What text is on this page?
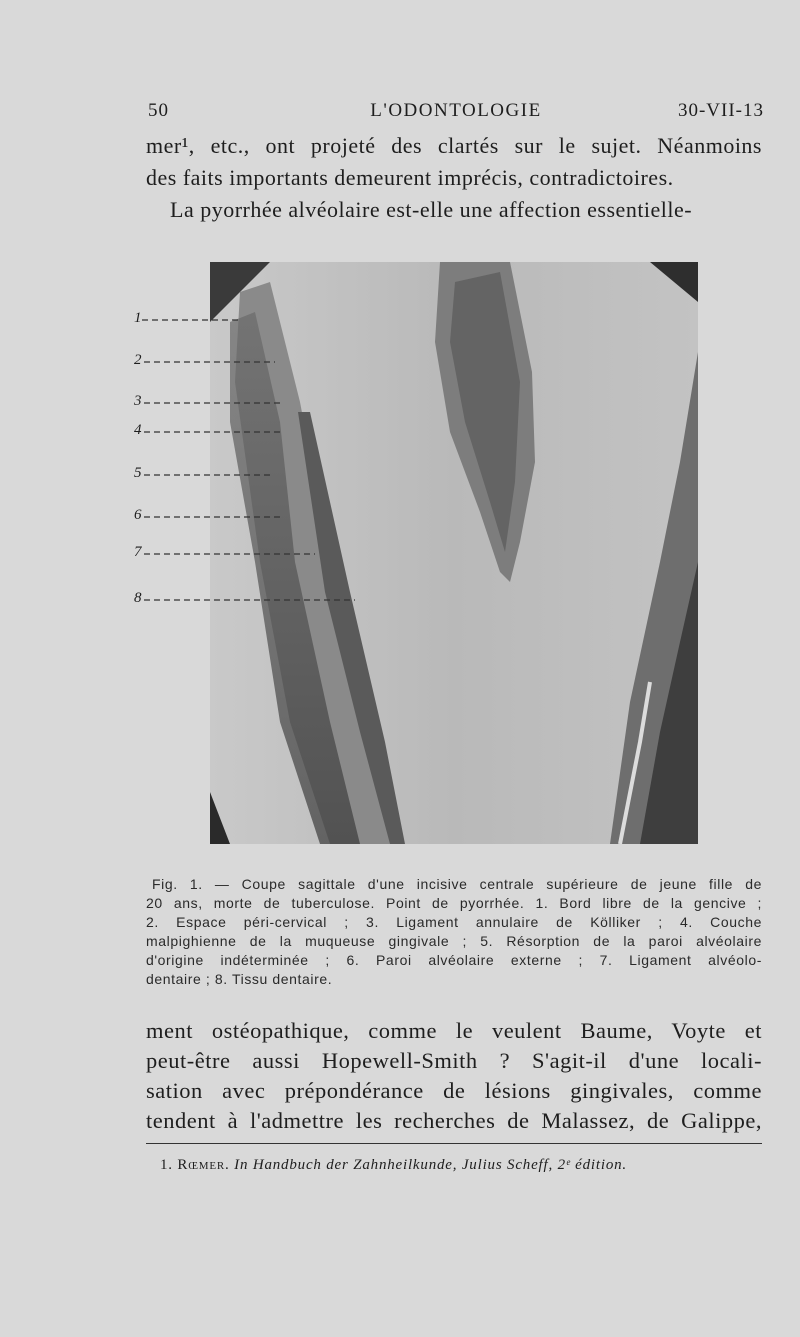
50	L'ODONTOLOGIE	30-VII-13
mer¹, etc., ont projeté des clartés sur le sujet. Néanmoins
des faits importants demeurent imprécis, contradictoires.
La pyorrhée alvéolaire est-elle une affection essentielle-
1
2
3
4
5
6
7
8
Fig. 1. — Coupe sagittale d'une incisive centrale supérieure de jeune fille de
20 ans, morte de tuberculose. Point de pyorrhée. 1. Bord libre de la gencive ;
2. Espace péri-cervical ; 3. Ligament annulaire de Kölliker ; 4. Couche
malpighienne de la muqueuse gingivale ; 5. Résorption de la paroi alvéolaire
d'origine indéterminée ; 6. Paroi alvéolaire externe ; 7. Ligament alvéolo-
dentaire ; 8. Tissu dentaire.
ment ostéopathique, comme le veulent Baume, Voyte et
peut-être aussi Hopewell-Smith ? S'agit-il d'une locali-
sation avec prépondérance de lésions gingivales, comme
tendent à l'admettre les recherches de Malassez, de Galippe,
1. Rœmer. In Handbuch der Zahnheilkunde, Julius Scheff, 2ᵉ édition.
